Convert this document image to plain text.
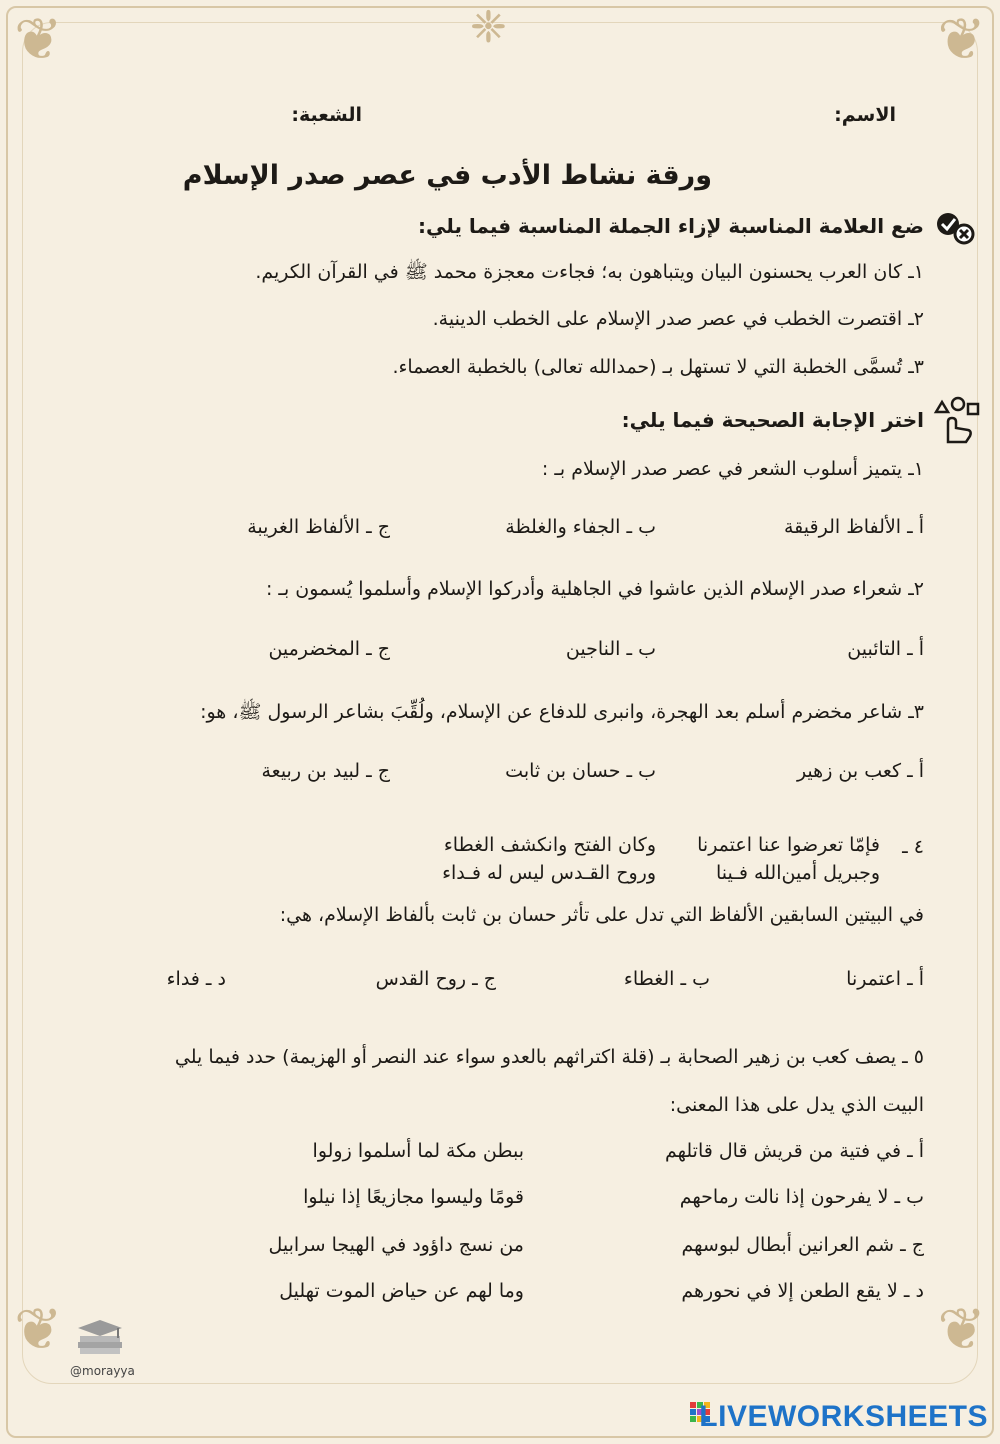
❦	❦
❦	❦
❈
الاسم:
الشعبة:
ورقة نشاط الأدب في عصر صدر الإسلام
ضع العلامة المناسبة لإزاء الجملة المناسبة فيما يلي:
١ـ كان العرب يحسنون البيان ويتباهون به؛ فجاءت معجزة محمد ﷺ في القرآن الكريم.
٢ـ اقتصرت الخطب في عصر صدر الإسلام على الخطب الدينية.
٣ـ تُسمَّى الخطبة التي لا تستهل بـ (حمدالله تعالى) بالخطبة العصماء.
اختر الإجابة الصحيحة فيما يلي:
١ـ يتميز أسلوب الشعر في عصر صدر الإسلام بـ :
أ ـ الألفاظ الرقيقة
ب ـ الجفاء والغلظة
ج ـ الألفاظ الغريبة
٢ـ شعراء صدر الإسلام الذين عاشوا في الجاهلية وأدركوا الإسلام وأسلموا يُسمون بـ :
أ ـ التائبين
ب ـ الناجين
ج ـ المخضرمين
٣ـ شاعر مخضرم أسلم بعد الهجرة، وانبرى للدفاع عن الإسلام، ولُقِّبَ بشاعر الرسول ﷺ، هو:
أ ـ كعب بن زهير
ب ـ حسان بن ثابت
ج ـ لبيد بن ربيعة
٤ ـ
فإمّا تعرضوا عنا اعتمرنا
وكان الفتح وانكشف الغطاء
وجبريل أمين‌الله فـينا
وروح القـدس ليس له فـداء
في البيتين السابقين الألفاظ التي تدل على تأثر حسان بن ثابت بألفاظ الإسلام، هي:
أ ـ اعتمرنا
ب ـ الغطاء
ج ـ روح القدس
د ـ فداء
٥ ـ يصف كعب بن زهير الصحابة بـ (قلة اكتراثهم بالعدو سواء عند النصر أو الهزيمة) حدد فيما يلي
البيت الذي يدل على هذا المعنى:
أ ـ في فتية من قريش قال قاتلهم
ببطن مكة لما أسلموا زولوا
ب ـ لا يفرحون إذا نالت رماحهم
قومًا وليسوا مجازيعًا إذا نيلوا
ج ـ شم العرانين أبطال لبوسهم
من نسج داؤود في الهيجا سرابيل
د ـ لا يقع الطعن إلا في نحورهم
وما لهم عن حياض الموت تهليل
@morayya
LIVEWORKSHEETS
